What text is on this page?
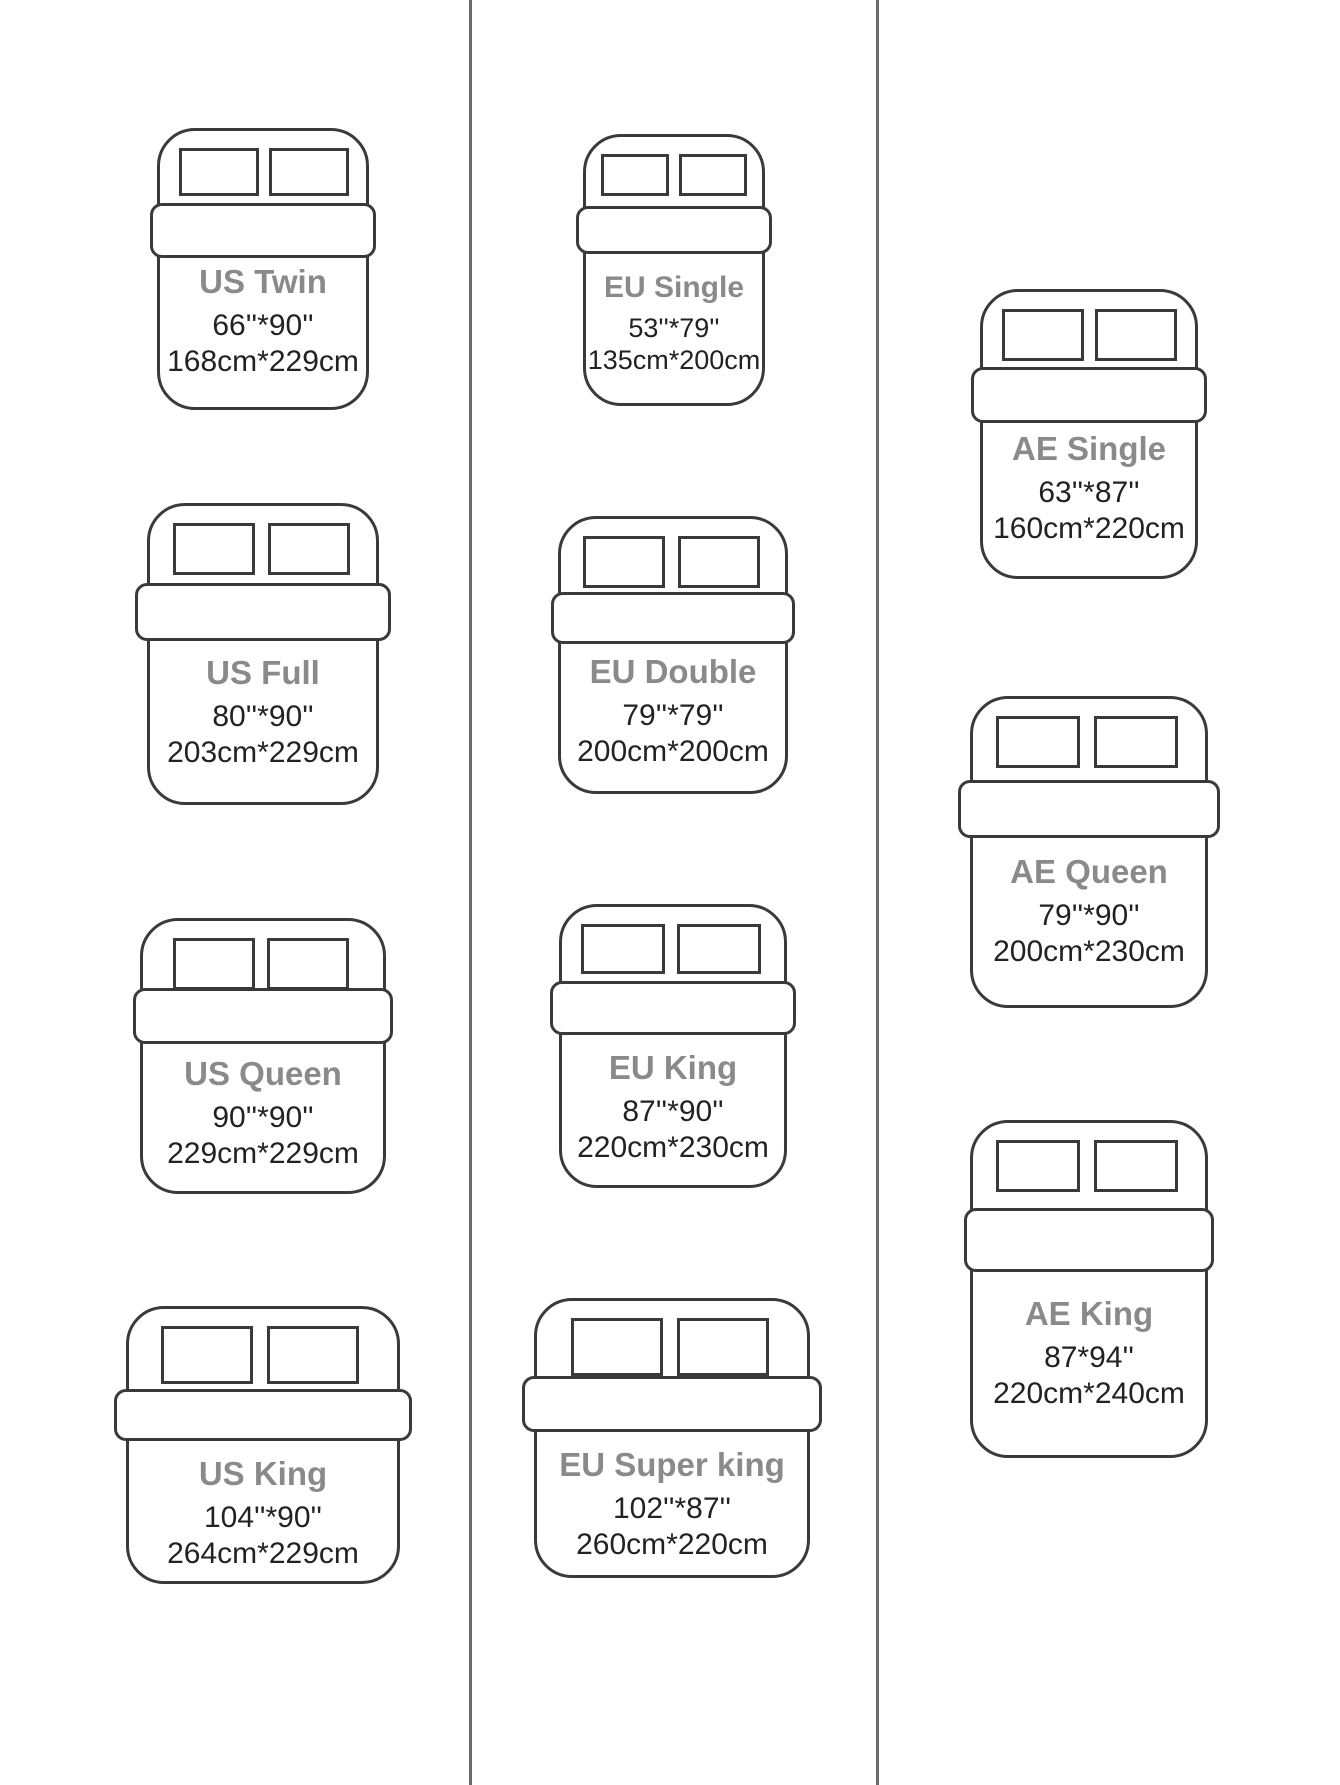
US Twin
66''*90''
168cm*229cm
US Full
80''*90''
203cm*229cm
US Queen
90''*90''
229cm*229cm
US King
104''*90''
264cm*229cm
EU Single
53''*79''
135cm*200cm
EU Double
79''*79''
200cm*200cm
EU King
87''*90''
220cm*230cm
EU Super king
102''*87''
260cm*220cm
AE Single
63''*87''
160cm*220cm
AE Queen
79''*90''
200cm*230cm
AE King
87*94''
220cm*240cm
